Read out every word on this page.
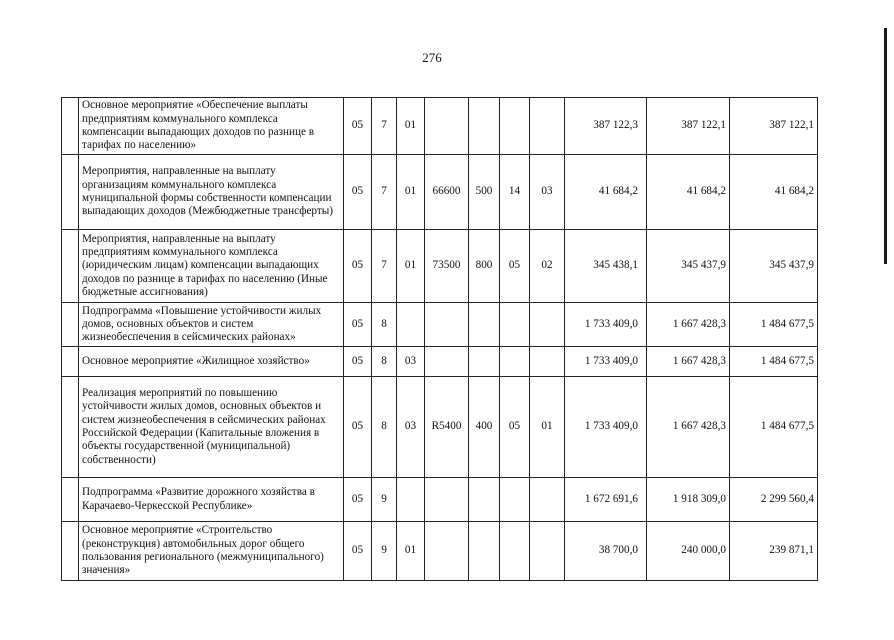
276
	Основное мероприятие «Обеспечение выплаты предприятиям коммунального комплекса компенсации выпадающих доходов по разнице в тарифах по населению»	05	7	01					387 122,3	387 122,1	387 122,1
	Мероприятия, направленные на выплату организациям коммунального комплекса муниципальной формы собственности компенсации выпадающих доходов (Межбюджетные трансферты)	05	7	01	66600	500	14	03	41 684,2	41 684,2	41 684,2
	Мероприятия, направленные на выплату предприятиям коммунального комплекса (юридическим лицам) компенсации выпадающих доходов по разнице в тарифах по населению (Иные бюджетные ассигнования)	05	7	01	73500	800	05	02	345 438,1	345 437,9	345 437,9
	Подпрограмма «Повышение устойчивости жилых домов, основных объектов и систем жизнеобеспечения в сейсмических районах»	05	8						1 733 409,0	1 667 428,3	1 484 677,5
	Основное мероприятие «Жилищное хозяйство»	05	8	03					1 733 409,0	1 667 428,3	1 484 677,5
	Реализация мероприятий по повышению устойчивости жилых домов, основных объектов и систем жизнеобеспечения в сейсмических районах Российской Федерации (Капитальные вложения в объекты государственной (муниципальной) собственности)	05	8	03	R5400	400	05	01	1 733 409,0	1 667 428,3	1 484 677,5
	Подпрограмма «Развитие дорожного хозяйства в Карачаево-Черкесской Республике»	05	9						1 672 691,6	1 918 309,0	2 299 560,4
	Основное мероприятие «Строительство (реконструкция) автомобильных дорог общего пользования регионального (межмуниципального) значения»	05	9	01					38 700,0	240 000,0	239 871,1
